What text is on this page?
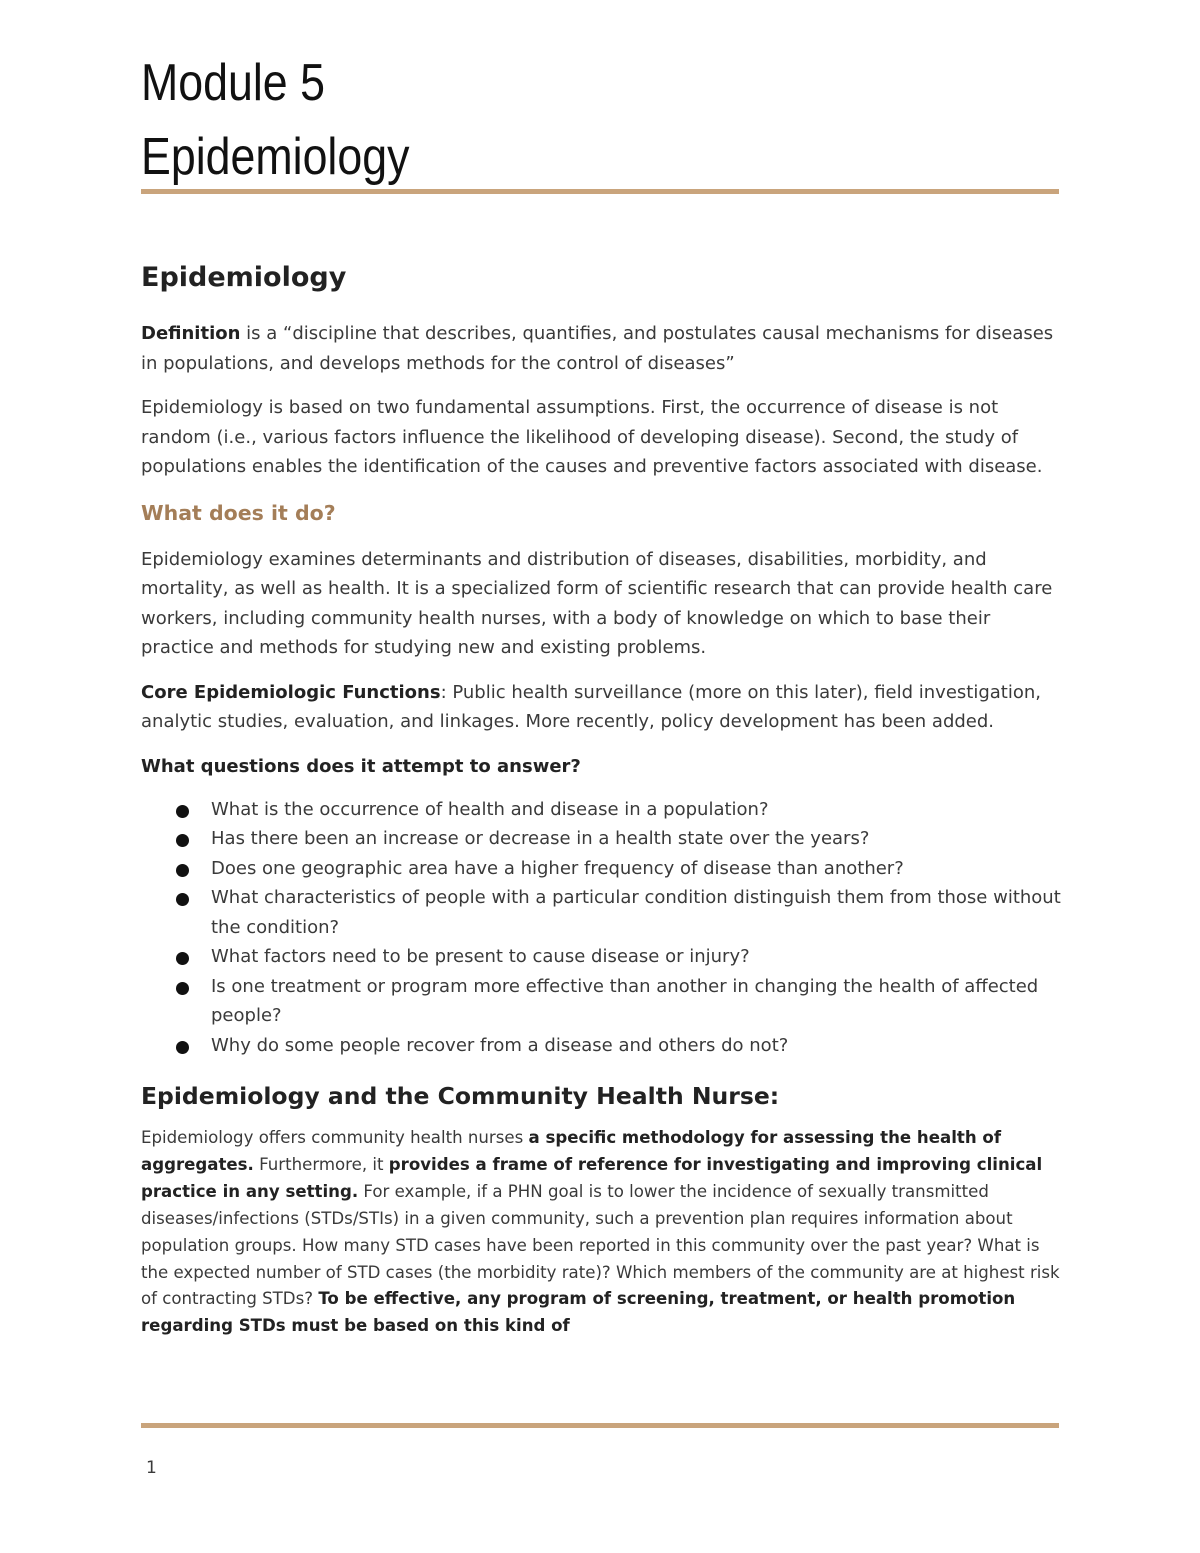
Module 5
Epidemiology
Epidemiology

Definition is a “discipline that describes, quantifies, and postulates causal mechanisms for diseases in populations, and develops methods for the control of diseases”

Epidemiology is based on two fundamental assumptions. First, the occurrence of disease is not random (i.e., various factors influence the likelihood of developing disease). Second, the study of populations enables the identification of the causes and preventive factors associated with disease.

What does it do?

Epidemiology examines determinants and distribution of diseases, disabilities, morbidity, and mortality, as well as health. It is a specialized form of scientific research that can provide health care workers, including community health nurses, with a body of knowledge on which to base their practice and methods for studying new and existing problems.

Core Epidemiologic Functions: Public health surveillance (more on this later), field investigation, analytic studies, evaluation, and linkages. More recently, policy development has been added.

What questions does it attempt to answer?

What is the occurrence of health and disease in a population?
Has there been an increase or decrease in a health state over the years?
Does one geographic area have a higher frequency of disease than another?
What characteristics of people with a particular condition distinguish them from those without the condition?
What factors need to be present to cause disease or injury?
Is one treatment or program more effective than another in changing the health of affected people?
Why do some people recover from a disease and others do not?
Epidemiology and the Community Health Nurse:

Epidemiology offers community health nurses a specific methodology for assessing the health of aggregates. Furthermore, it provides a frame of reference for investigating and improving clinical practice in any setting. For example, if a PHN goal is to lower the incidence of sexually transmitted diseases/infections (STDs/STIs) in a given community, such a prevention plan requires information about population groups. How many STD cases have been reported in this community over the past year? What is the expected number of STD cases (the morbidity rate)? Which members of the community are at highest risk of contracting STDs? To be effective, any program of screening, treatment, or health promotion regarding STDs must be based on this kind of

1
